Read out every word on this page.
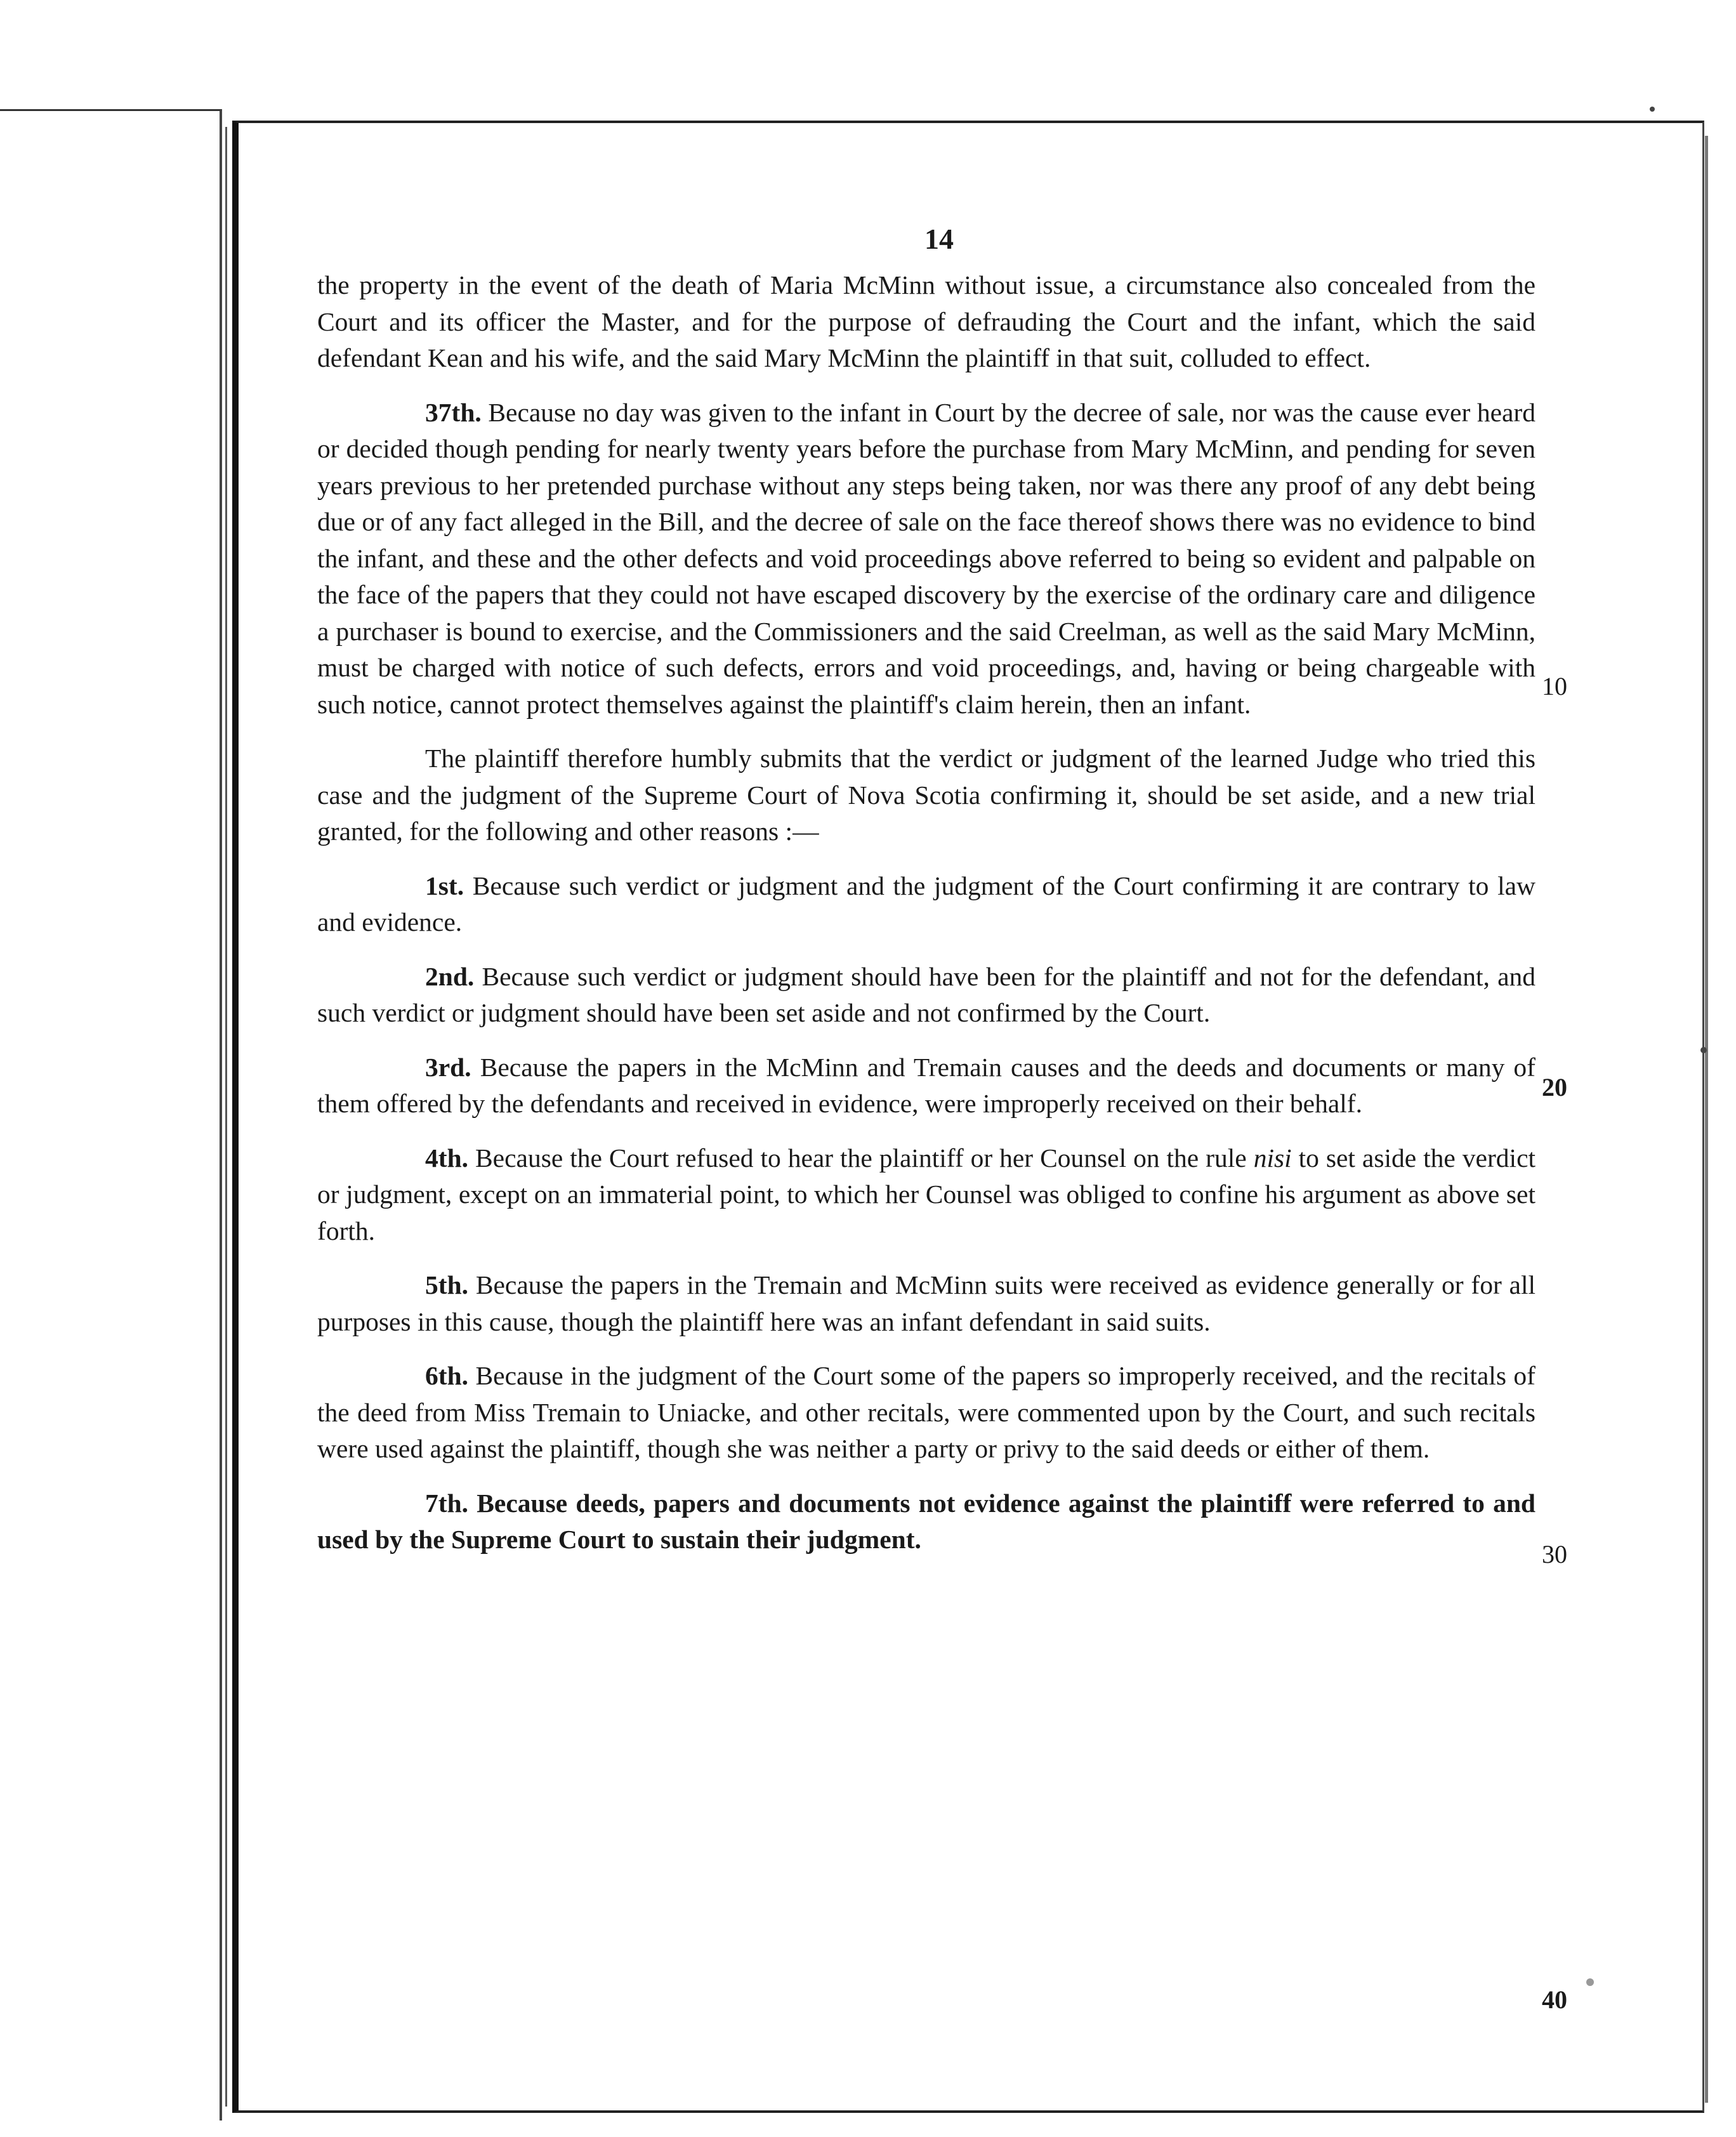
14

the property in the event of the death of Maria McMinn without issue, a circumstance also concealed from the Court and its officer the Master, and for the purpose of defrauding the Court and the infant, which the said defendant Kean and his wife, and the said Mary McMinn the plaintiff in that suit, colluded to effect.

37th. Because no day was given to the infant in Court by the decree of sale, nor was the cause ever heard or decided though pending for nearly twenty years before the purchase from Mary McMinn, and pending for seven years previous to her pretended purchase without any steps being taken, nor was there any proof of any debt being due or of any fact alleged in the Bill, and the decree of sale on the face thereof shows there was no evidence to bind the infant, and these and the other defects and void proceedings above referred to being so evident and palpable on the face of the papers that they could not have escaped discovery by the exercise of the ordinary care and diligence a purchaser is bound to exercise, and the Commissioners and the said Creelman, as well as the said Mary McMinn, must be charged with notice of such defects, errors and void proceedings, and, having or being chargeable with such notice, cannot protect themselves against the plaintiff's claim herein, then an infant.

The plaintiff therefore humbly submits that the verdict or judgment of the learned Judge who tried this case and the judgment of the Supreme Court of Nova Scotia confirming it, should be set aside, and a new trial granted, for the following and other reasons :—

1st. Because such verdict or judgment and the judgment of the Court confirming it are contrary to law and evidence.

2nd. Because such verdict or judgment should have been for the plaintiff and not for the defendant, and such verdict or judgment should have been set aside and not confirmed by the Court.

3rd. Because the papers in the McMinn and Tremain causes and the deeds and documents or many of them offered by the defendants and received in evidence, were improperly received on their behalf.

4th. Because the Court refused to hear the plaintiff or her Counsel on the rule nisi to set aside the verdict or judgment, except on an immaterial point, to which her Counsel was obliged to confine his argument as above set forth.

5th. Because the papers in the Tremain and McMinn suits were received as evidence generally or for all purposes in this cause, though the plaintiff here was an infant defendant in said suits.

6th. Because in the judgment of the Court some of the papers so improperly received, and the recitals of the deed from Miss Tremain to Uniacke, and other recitals, were commented upon by the Court, and such recitals were used against the plaintiff, though she was neither a party or privy to the said deeds or either of them.

7th. Because deeds, papers and documents not evidence against the plaintiff were referred to and used by the Supreme Court to sustain their judgment.

10
20
30
40
